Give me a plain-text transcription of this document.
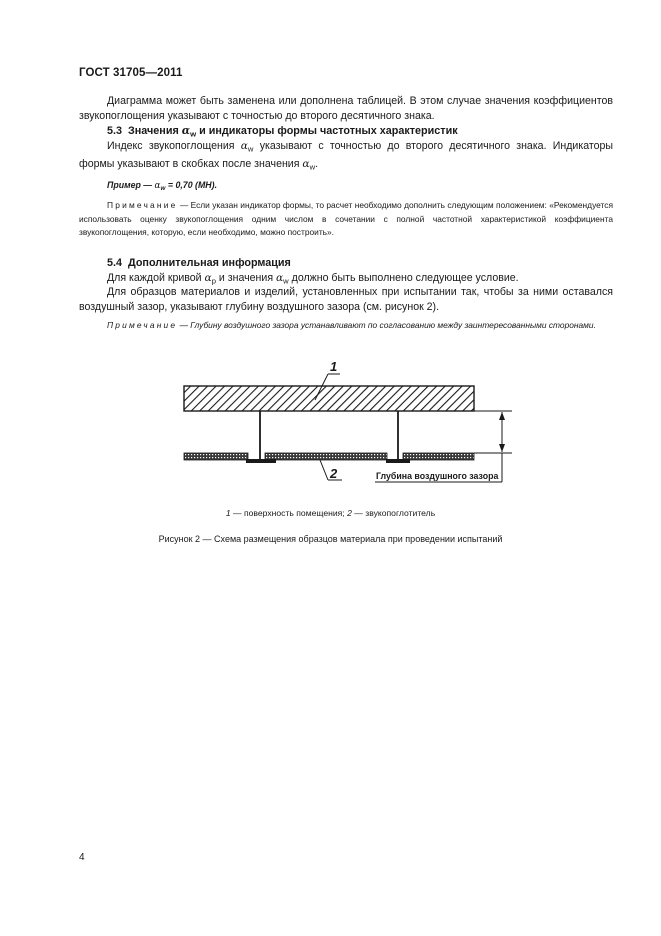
ГОСТ 31705—2011
Диаграмма может быть заменена или дополнена таблицей. В этом случае значения коэффициентов звукопоглощения указывают с точностью до второго десятичного знака.
5.3 Значения $\alpha_w$ и индикаторы формы частотных характеристик
Индекс звукопоглощения $\alpha_w$ указывают с точностью до второго десятичного знака. Индикаторы формы указывают в скобках после значения $\alpha_w$.
Пример — $\alpha_w = 0,70$ (MH).
Примечание — Если указан индикатор формы, то расчет необходимо дополнить следующим положением: «Рекомендуется использовать оценку звукопоглощения одним числом в сочетании с полной частотной характеристикой коэффициента звукопоглощения, которую, если необходимо, можно построить».
5.4 Дополнительная информация
Для каждой кривой $\alpha_p$ и значения $\alpha_w$ должно быть выполнено следующее условие.
Для образцов материалов и изделий, установленных при испытании так, чтобы за ними оставался воздушный зазор, указывают глубину воздушного зазора (см. рисунок 2).
Примечание — Глубину воздушного зазора устанавливают по согласованию между заинтересованными сторонами.
1
2	Глубина воздушного зазора
1 — поверхность помещения; 2 — звукопоглотитель
Рисунок 2 — Схема размещения образцов материала при проведении испытаний
4
